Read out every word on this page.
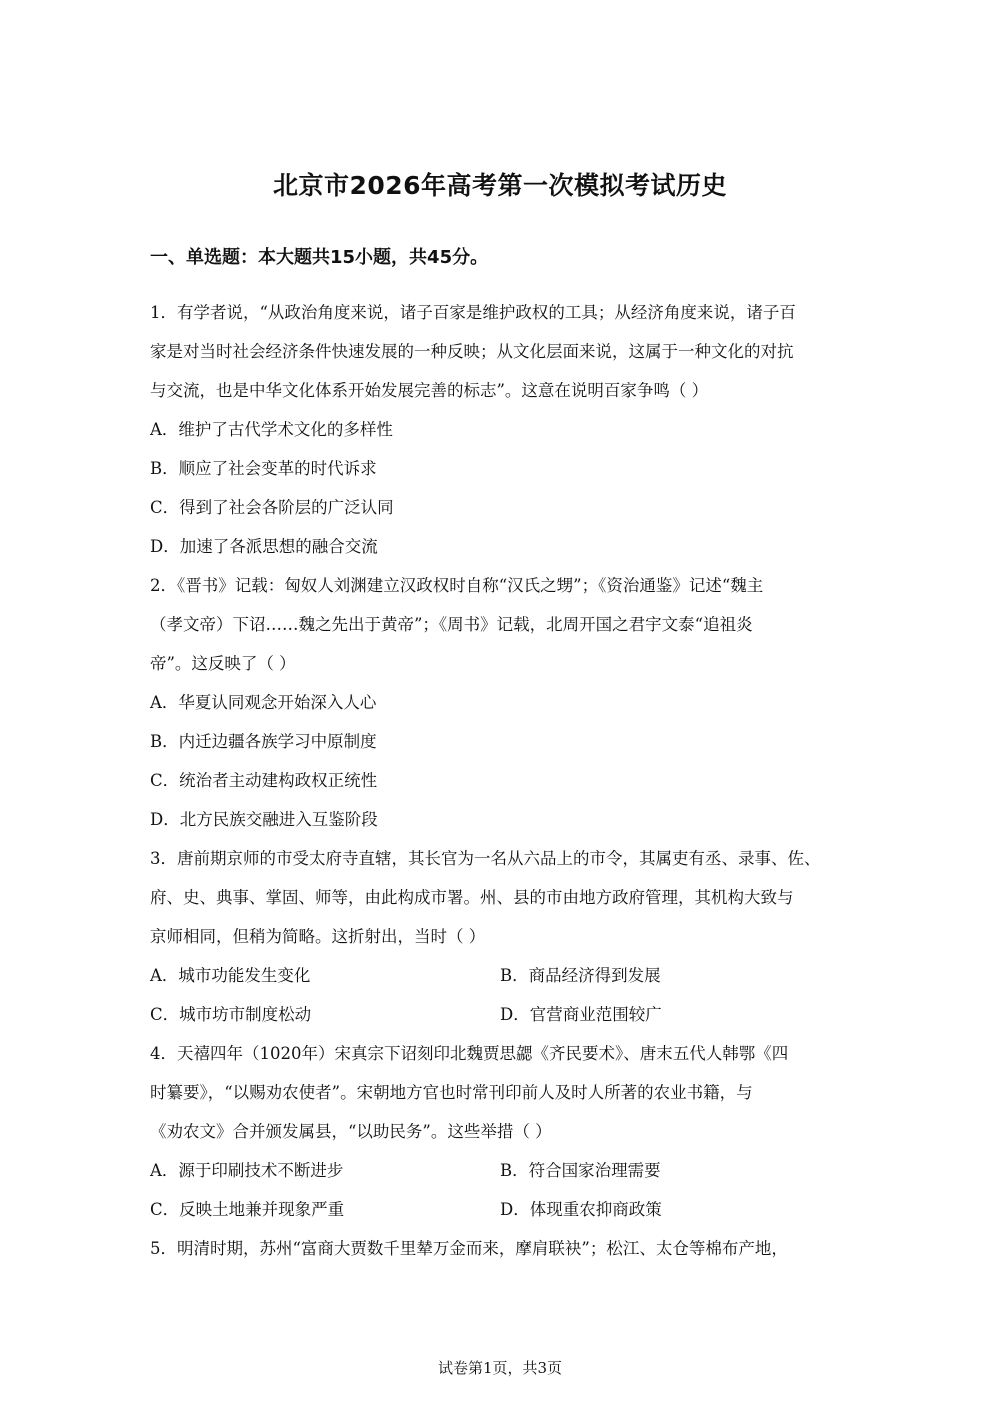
北京市2026年高考第一次模拟考试历史
一、单选题：本大题共15小题，共45分。
1．有学者说，“从政治角度来说，诸子百家是维护政权的工具；从经济角度来说，诸子百
家是对当时社会经济条件快速发展的一种反映；从文化层面来说，这属于一种文化的对抗
与交流，也是中华文化体系开始发展完善的标志”。这意在说明百家争鸣（ ）
A．维护了古代学术文化的多样性
B．顺应了社会变革的时代诉求
C．得到了社会各阶层的广泛认同
D．加速了各派思想的融合交流
2．《晋书》记载：匈奴人刘渊建立汉政权时自称“汉氏之甥”；《资治通鉴》记述“魏主
（孝文帝）下诏……魏之先出于黄帝”；《周书》记载，北周开国之君宇文泰“追祖炎
帝”。这反映了（ ）
A．华夏认同观念开始深入人心
B．内迁边疆各族学习中原制度
C．统治者主动建构政权正统性
D．北方民族交融进入互鉴阶段
3．唐前期京师的市受太府寺直辖，其长官为一名从六品上的市令，其属吏有丞、录事、佐、
府、史、典事、掌固、师等，由此构成市署。州、县的市由地方政府管理，其机构大致与
京师相同，但稍为简略。这折射出，当时（ ）
A．城市功能发生变化	B．商品经济得到发展
C．城市坊市制度松动	D．官营商业范围较广
4．天禧四年（1020年）宋真宗下诏刻印北魏贾思勰《齐民要术》、唐末五代人韩鄂《四
时纂要》，“以赐劝农使者”。宋朝地方官也时常刊印前人及时人所著的农业书籍，与
《劝农文》合并颁发属县，“以助民务”。这些举措（ ）
A．源于印刷技术不断进步	B．符合国家治理需要
C．反映土地兼并现象严重	D．体现重农抑商政策
5．明清时期，苏州“富商大贾数千里辇万金而来，摩肩联袂”；松江、太仓等棉布产地，
试卷第1页，共3页
